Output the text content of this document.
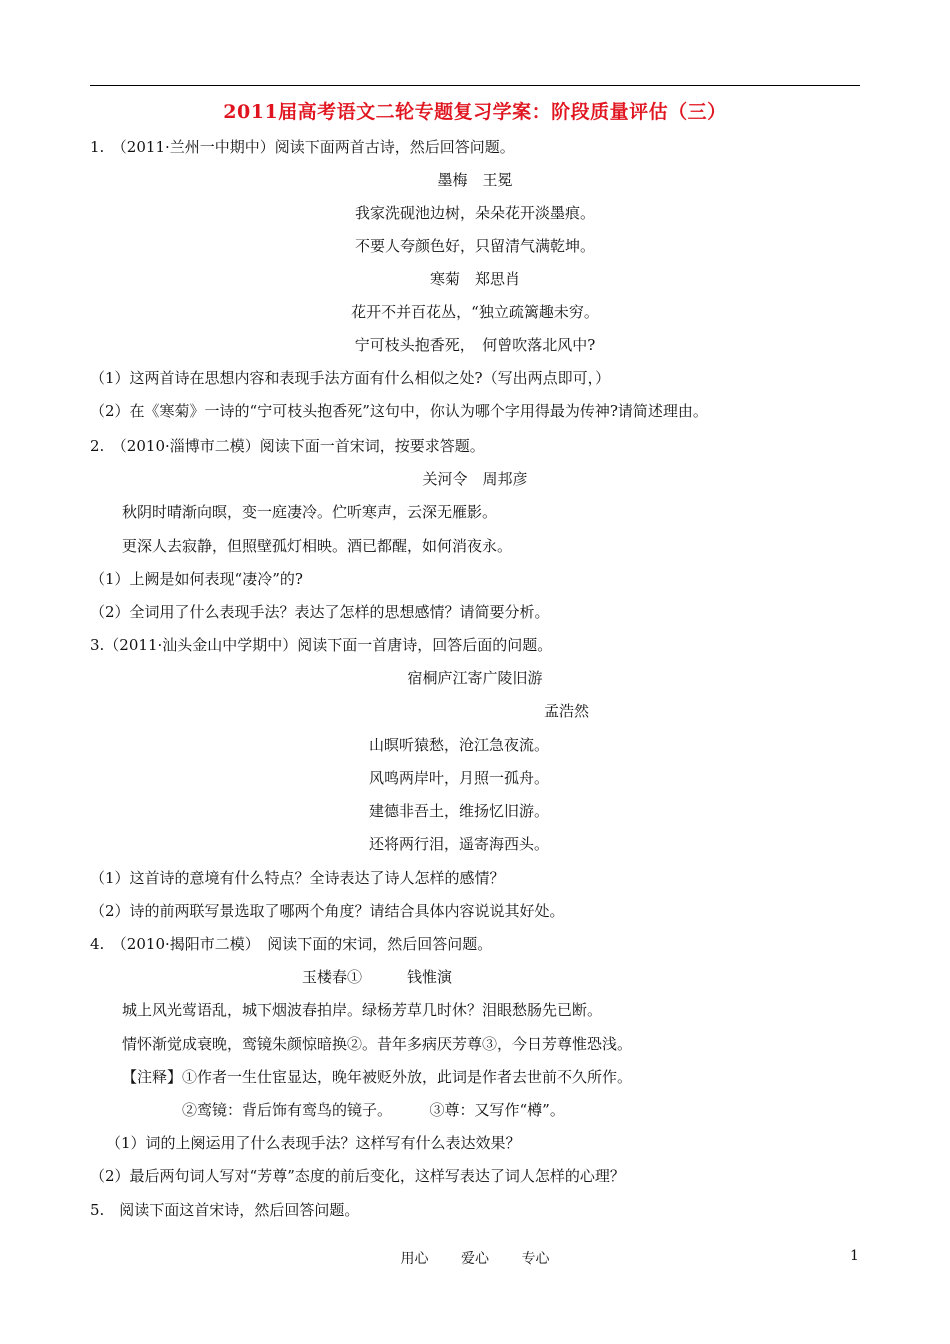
2011届高考语文二轮专题复习学案：阶段质量评估（三）
1.　（2011·兰州一中期中）阅读下面两首古诗，然后回答问题。
墨梅　王冕
我家洗砚池边树，朵朵花开淡墨痕。
不要人夸颜色好，只留清气满乾坤。
寒菊　郑思肖
花开不并百花丛，“独立疏篱趣未穷。
宁可枝头抱香死，　何曾吹落北风中?
（1）这两首诗在思想内容和表现手法方面有什么相似之处?（写出两点即可，）
（2）在《寒菊》一诗的“宁可枝头抱香死”这句中，你认为哪个字用得最为传神?请简述理由。
2.　（2010·淄博市二模）阅读下面一首宋词，按要求答题。
关河令　周邦彦
秋阴时晴渐向暝，变一庭凄冷。伫听寒声，云深无雁影。
更深人去寂静，但照壁孤灯相映。酒已都醒，如何消夜永。
（1）上阙是如何表现“凄冷”的?
（2）全词用了什么表现手法？表达了怎样的思想感情？请简要分析。
3.（2011·汕头金山中学期中）阅读下面一首唐诗，回答后面的问题。
宿桐庐江寄广陵旧游
孟浩然
山暝听猿愁，沧江急夜流。
风鸣两岸叶，月照一孤舟。
建德非吾土，维扬忆旧游。
还将两行泪，遥寄海西头。
（1）这首诗的意境有什么特点？全诗表达了诗人怎样的感情？
（2）诗的前两联写景选取了哪两个角度？请结合具体内容说说其好处。
4.　（2010·揭阳市二模）　阅读下面的宋词，然后回答问题。
玉楼春①　　　钱惟演
城上风光莺语乱，城下烟波春拍岸。绿杨芳草几时休？泪眼愁肠先已断。
情怀渐觉成衰晚，鸾镜朱颜惊暗换②。昔年多病厌芳尊③，今日芳尊惟恐浅。
【注释】①作者一生仕宦显达，晚年被贬外放，此词是作者去世前不久所作。
②鸾镜：背后饰有鸾鸟的镜子。　　　③尊：又写作“樽”。
（1）词的上阕运用了什么表现手法？这样写有什么表达效果？
（2）最后两句词人写对“芳尊”态度的前后变化，这样写表达了词人怎样的心理？
5.　阅读下面这首宋诗，然后回答问题。
用心 爱心 专心	1
